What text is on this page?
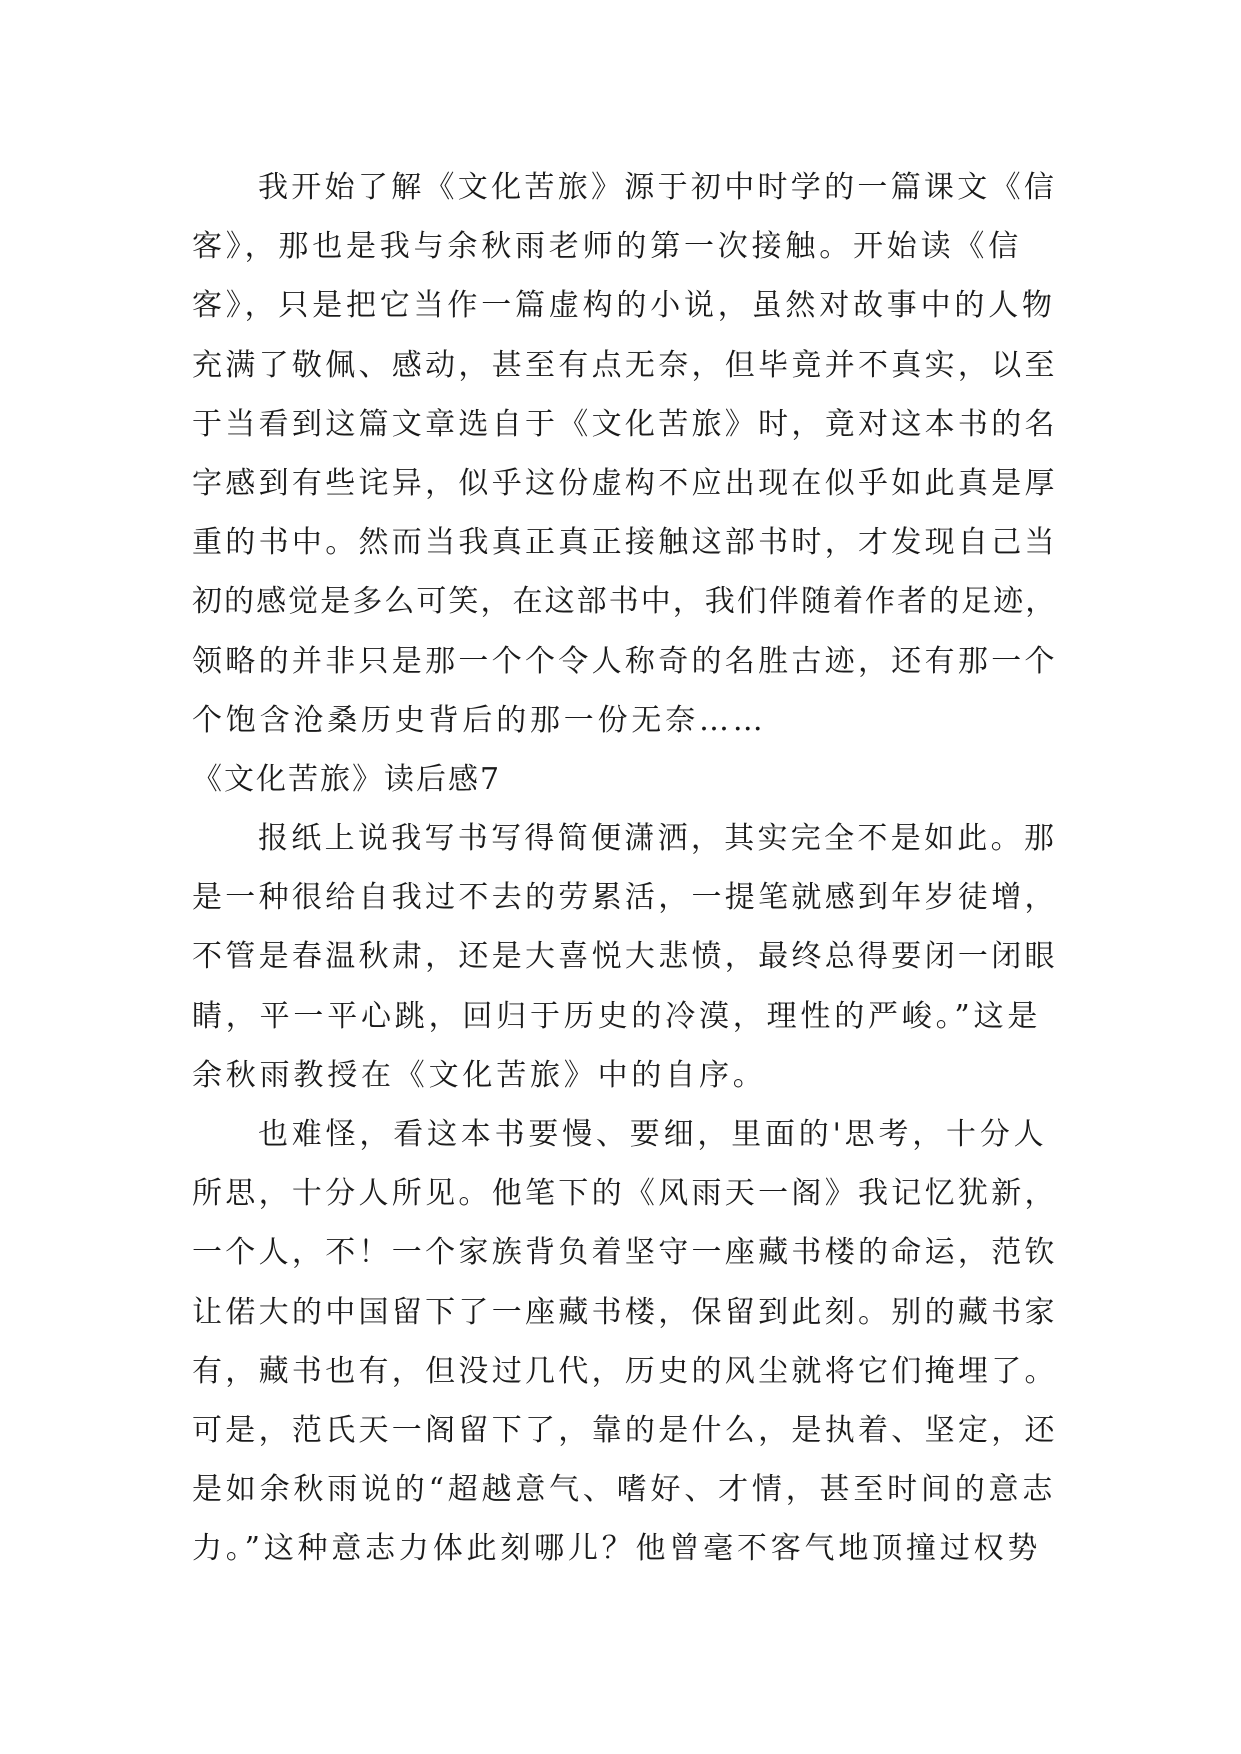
我开始了解《文化苦旅》源于初中时学的一篇课文《信
客》，那也是我与余秋雨老师的第一次接触。开始读《信
客》，只是把它当作一篇虚构的小说，虽然对故事中的人物
充满了敬佩、感动，甚至有点无奈，但毕竟并不真实，以至
于当看到这篇文章选自于《文化苦旅》时，竟对这本书的名
字感到有些诧异，似乎这份虚构不应出现在似乎如此真是厚
重的书中。然而当我真正真正接触这部书时，才发现自己当
初的感觉是多么可笑，在这部书中，我们伴随着作者的足迹，
领略的并非只是那一个个令人称奇的名胜古迹，还有那一个
个饱含沧桑历史背后的那一份无奈……
《文化苦旅》读后感7
报纸上说我写书写得简便潇洒，其实完全不是如此。那
是一种很给自我过不去的劳累活，一提笔就感到年岁徒增，
不管是春温秋肃，还是大喜悦大悲愤，最终总得要闭一闭眼
睛，平一平心跳，回归于历史的冷漠，理性的严峻。”这是
余秋雨教授在《文化苦旅》中的自序。
也难怪，看这本书要慢、要细，里面的'思考，十分人
所思，十分人所见。他笔下的《风雨天一阁》我记忆犹新，
一个人，不！一个家族背负着坚守一座藏书楼的命运，范钦
让偌大的中国留下了一座藏书楼，保留到此刻。别的藏书家
有，藏书也有，但没过几代，历史的风尘就将它们掩埋了。
可是，范氏天一阁留下了，靠的是什么，是执着、坚定，还
是如余秋雨说的“超越意气、嗜好、才情，甚至时间的意志
力。”这种意志力体此刻哪儿？他曾毫不客气地顶撞过权势
